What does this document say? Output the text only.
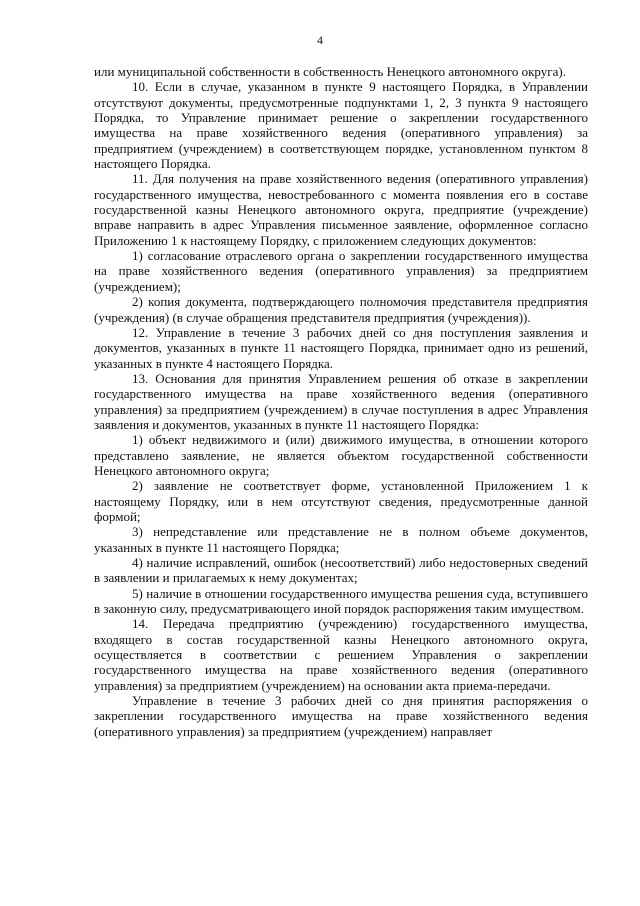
4

или муниципальной собственности в собственность Ненецкого автономного округа).

10. Если в случае, указанном в пункте 9 настоящего Порядка, в Управлении отсутствуют документы, предусмотренные подпунктами 1, 2, 3 пункта 9 настоящего Порядка, то Управление принимает решение о закреплении государственного имущества на праве хозяйственного ведения (оперативного управления) за предприятием (учреждением) в соответствующем порядке, установленном пунктом 8 настоящего Порядка.

11. Для получения на праве хозяйственного ведения (оперативного управления) государственного имущества, невостребованного с момента появления его в составе государственной казны Ненецкого автономного округа, предприятие (учреждение) вправе направить в адрес Управления письменное заявление, оформленное согласно Приложению 1 к настоящему Порядку, с приложением следующих документов:

1) согласование отраслевого органа о закреплении государственного имущества на праве хозяйственного ведения (оперативного управления) за предприятием (учреждением);

2) копия документа, подтверждающего полномочия представителя предприятия (учреждения) (в случае обращения представителя предприятия (учреждения)).

12. Управление в течение 3 рабочих дней со дня поступления заявления и документов, указанных в пункте 11 настоящего Порядка, принимает одно из решений, указанных в пункте 4 настоящего Порядка.

13. Основания для принятия Управлением решения об отказе в закреплении государственного имущества на праве хозяйственного ведения (оперативного управления) за предприятием (учреждением) в случае поступления в адрес Управления заявления и документов, указанных в пункте 11 настоящего Порядка:

1) объект недвижимого и (или) движимого имущества, в отношении которого представлено заявление, не является объектом государственной собственности Ненецкого автономного округа;

2) заявление не соответствует форме, установленной Приложением 1 к настоящему Порядку, или в нем отсутствуют сведения, предусмотренные данной формой;

3) непредставление или представление не в полном объеме документов, указанных в пункте 11 настоящего Порядка;

4) наличие исправлений, ошибок (несоответствий) либо недостоверных сведений в заявлении и прилагаемых к нему документах;

5) наличие в отношении государственного имущества решения суда, вступившего в законную силу, предусматривающего иной порядок распоряжения таким имуществом.

14. Передача предприятию (учреждению) государственного имущества, входящего в состав государственной казны Ненецкого автономного округа, осуществляется в соответствии с решением Управления о закреплении государственного имущества на праве хозяйственного ведения (оперативного управления) за предприятием (учреждением) на основании акта приема-передачи.

Управление в течение 3 рабочих дней со дня принятия распоряжения о закреплении государственного имущества на праве хозяйственного ведения (оперативного управления) за предприятием (учреждением) направляет
